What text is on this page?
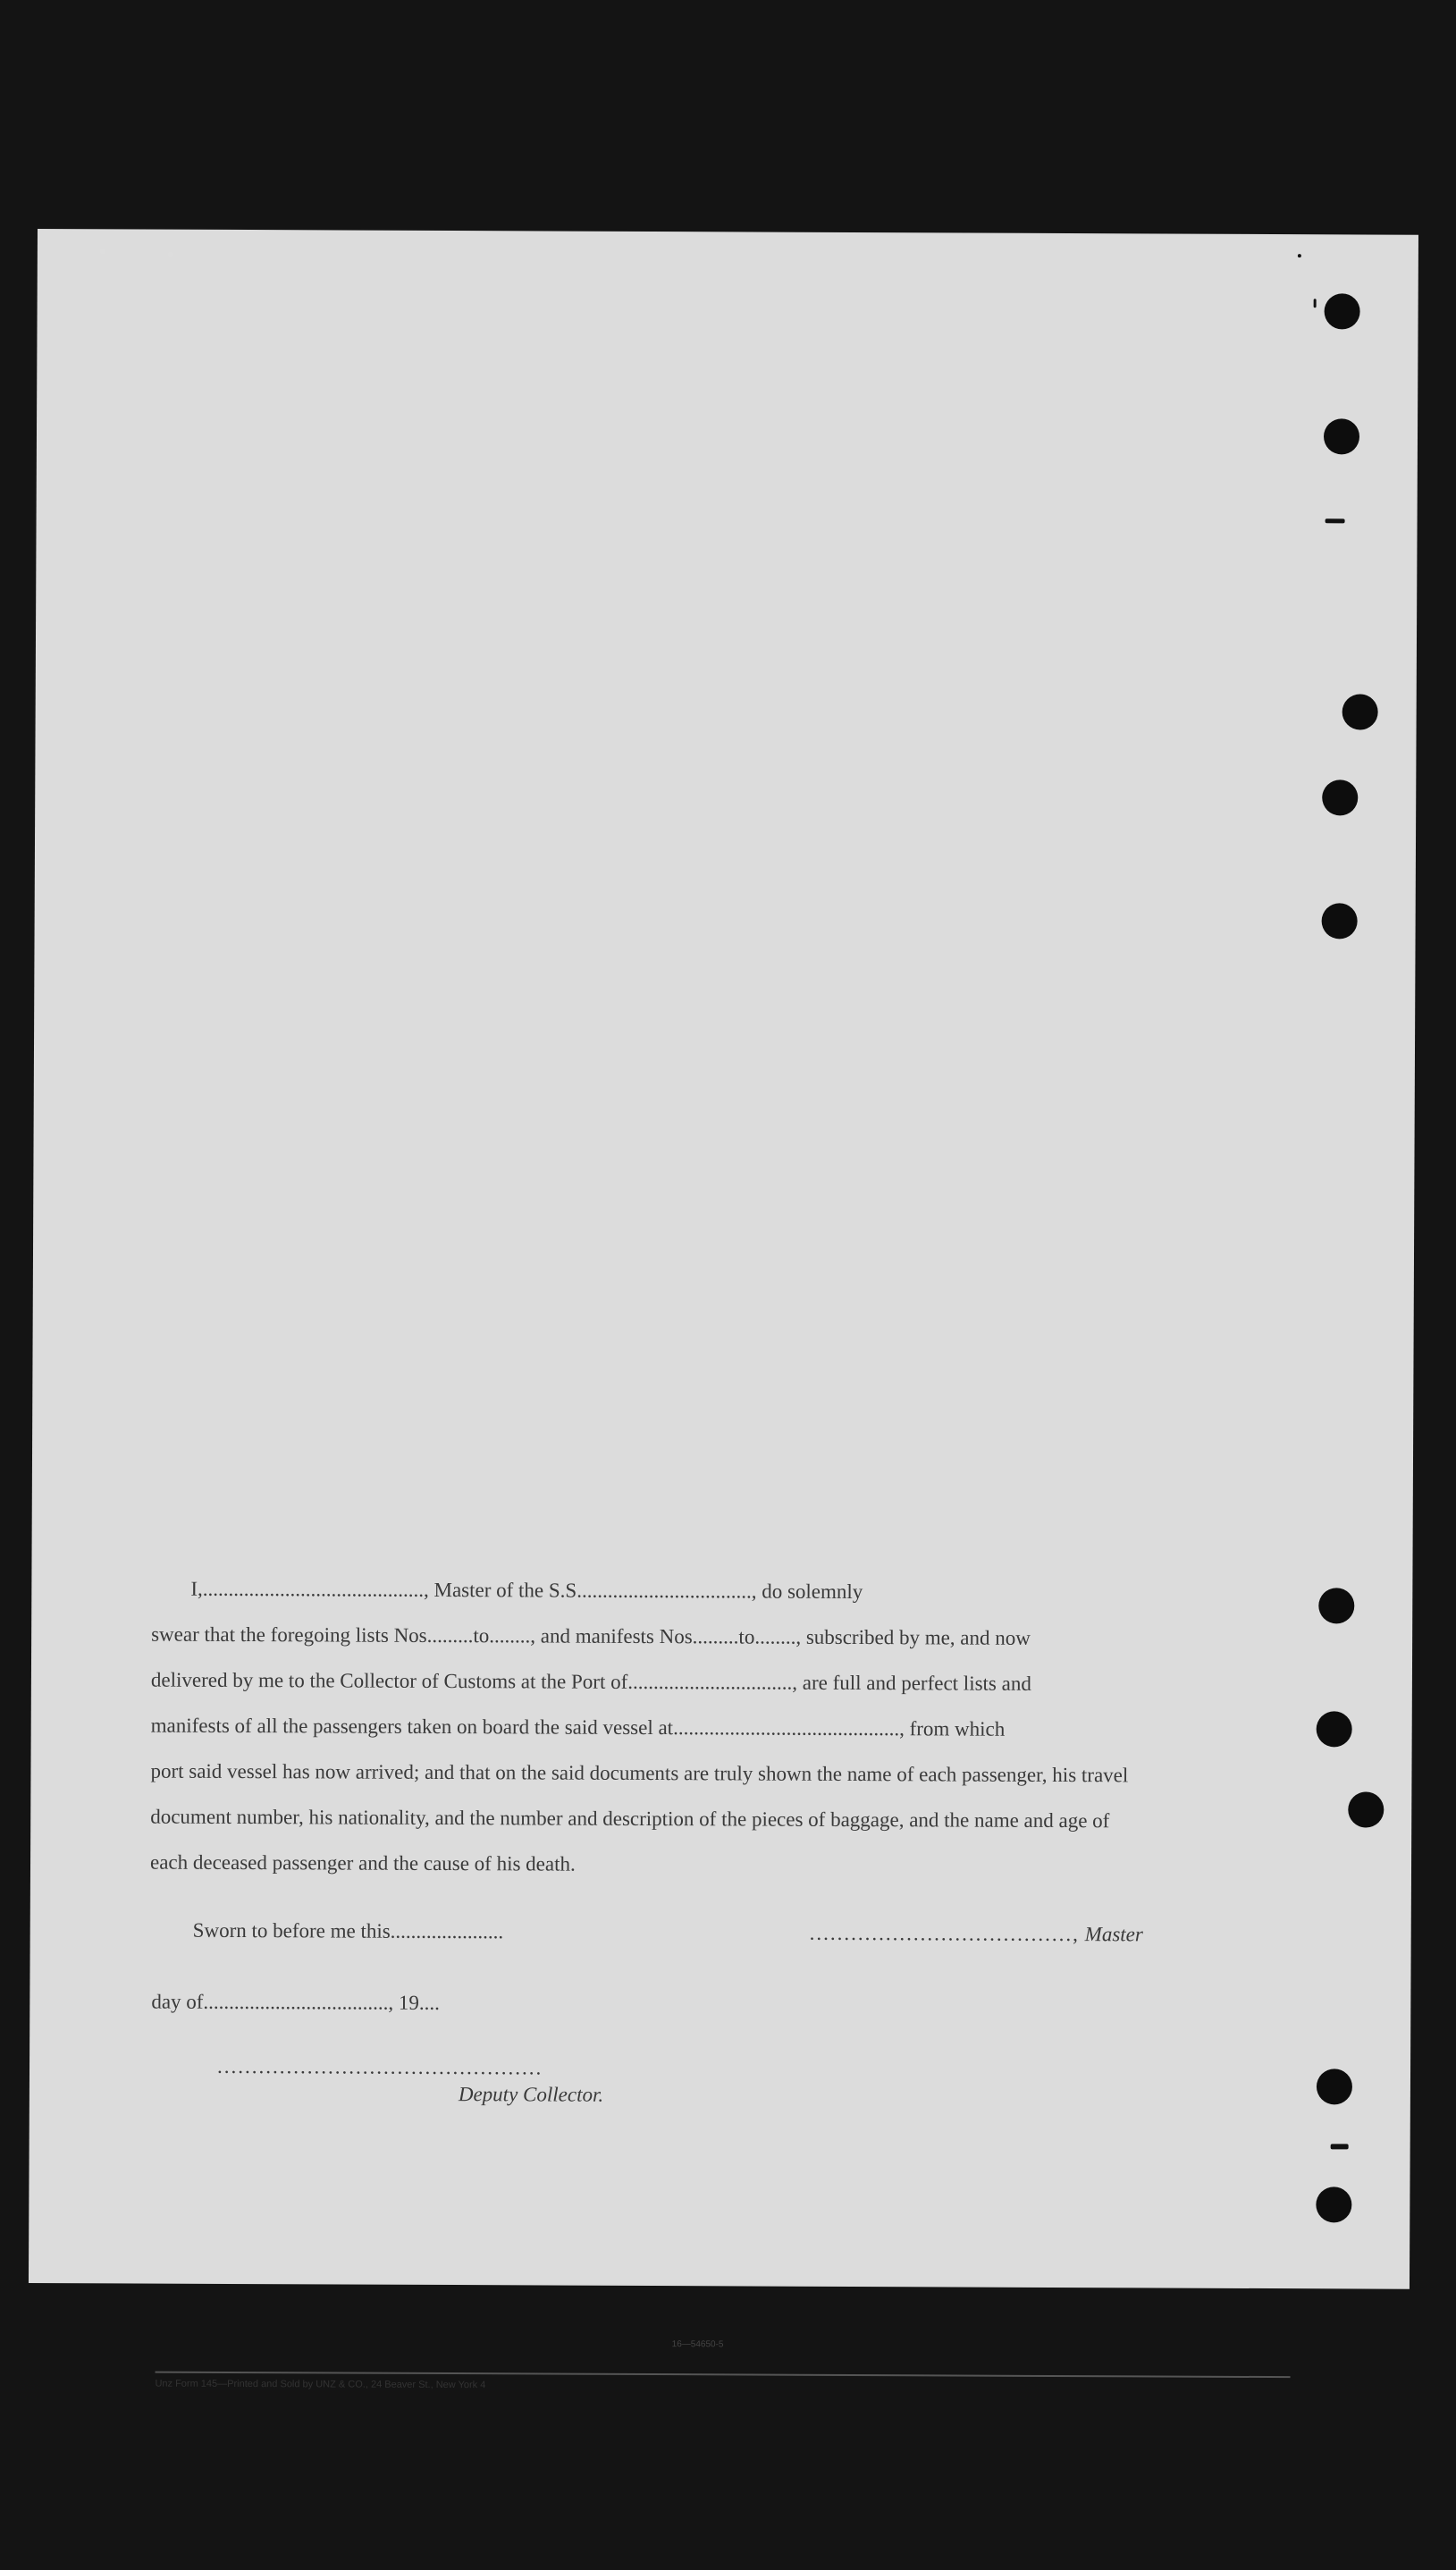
I,..........................................., Master of the S.S.................................., do solemnly
swear that the foregoing lists Nos.........to........, and manifests Nos.........to........, subscribed by me, and now
delivered by me to the Collector of Customs at the Port of................................, are full and perfect lists and
manifests of all the passengers taken on board the said vessel at............................................, from which
port said vessel has now arrived; and that on the said documents are truly shown the name of each passenger, his travel
document number, his nationality, and the number and description of the pieces of baggage, and the name and age of
each deceased passenger and the cause of his death.
Sworn to before me this......................	......................................, Master
day of...................................., 19....
...............................................
Deputy Collector.
16—54650-5
Unz Form 145—Printed and Sold by UNZ & CO., 24 Beaver St., New York 4
